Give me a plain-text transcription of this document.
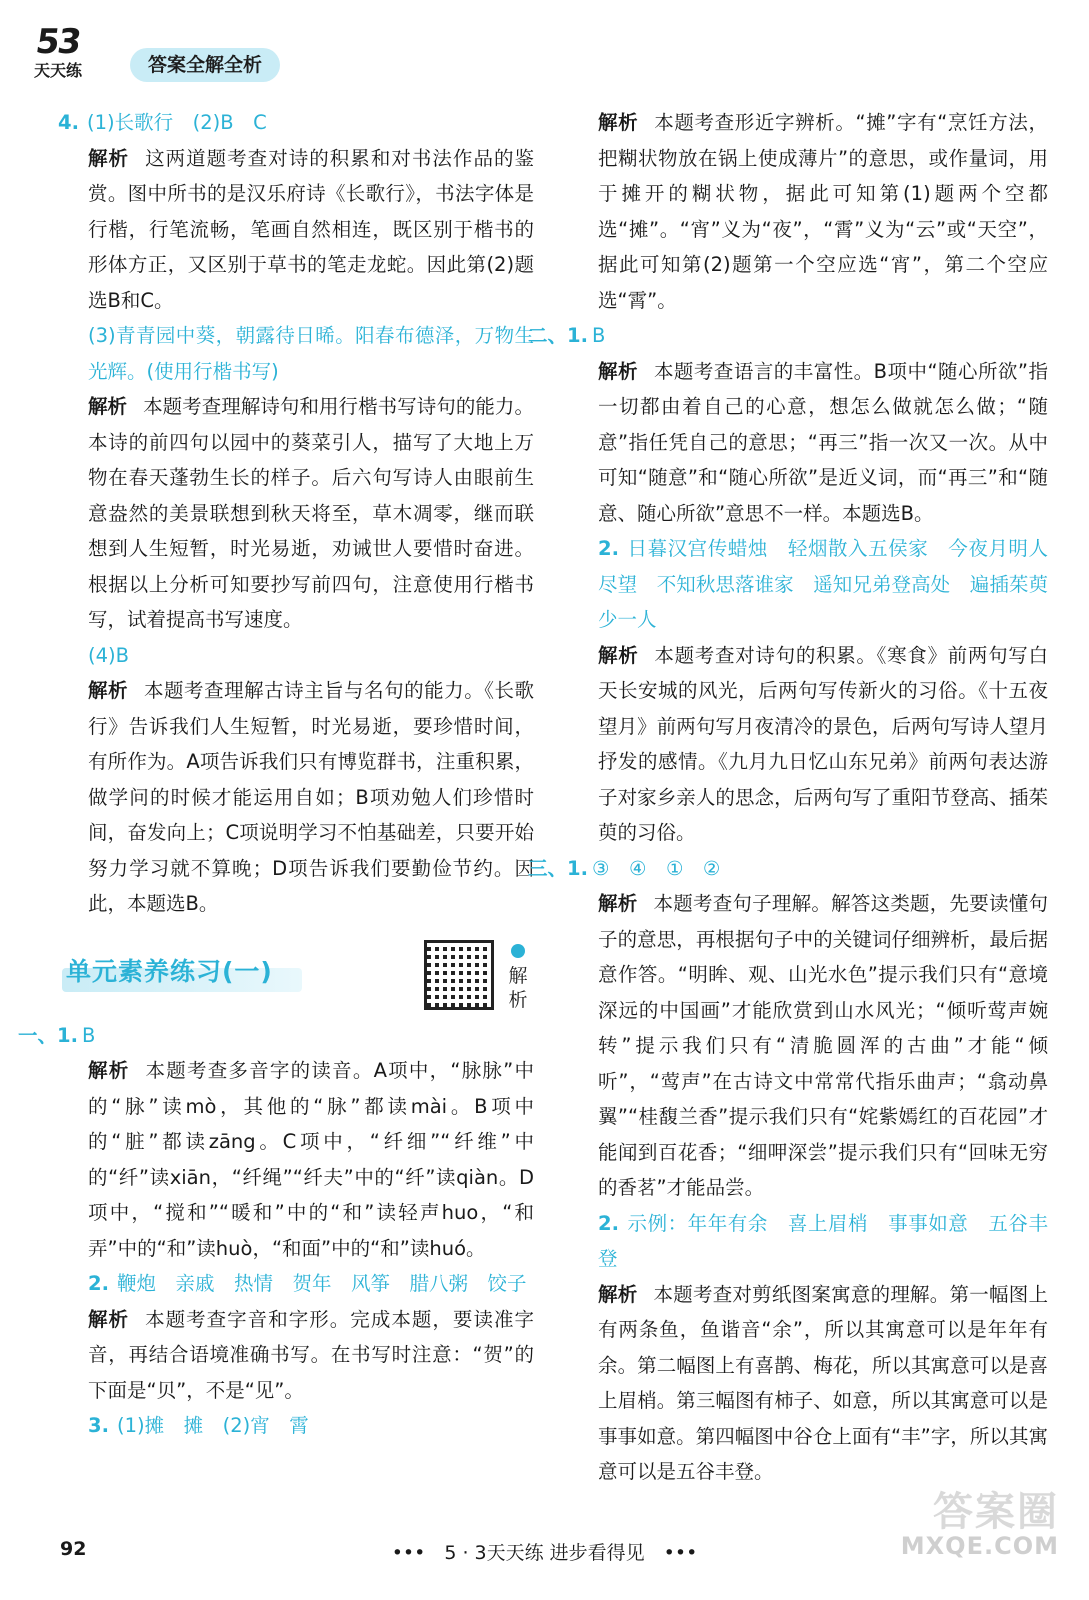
53
天天练	答案全解全析

4. (1)长歌行　(2)B　C

解析 这两道题考查对诗的积累和对书法作品的鉴赏。图中所书的是汉乐府诗《长歌行》，书法字体是行楷，行笔流畅，笔画自然相连，既区别于楷书的形体方正，又区别于草书的笔走龙蛇。因此第(2)题选B和C。

(3)青青园中葵，朝露待日晞。阳春布德泽，万物生光辉。(使用行楷书写)

解析 本题考查理解诗句和用行楷书写诗句的能力。本诗的前四句以园中的葵菜引人，描写了大地上万物在春天蓬勃生长的样子。后六句写诗人由眼前生意盎然的美景联想到秋天将至，草木凋零，继而联想到人生短暂，时光易逝，劝诫世人要惜时奋进。根据以上分析可知要抄写前四句，注意使用行楷书写，试着提高书写速度。

(4)B

解析 本题考查理解古诗主旨与名句的能力。《长歌行》告诉我们人生短暂，时光易逝，要珍惜时间，有所作为。A项告诉我们只有博览群书，注重积累，做学问的时候才能运用自如；B项劝勉人们珍惜时间，奋发向上；C项说明学习不怕基础差，只要开始努力学习就不算晚；D项告诉我们要勤俭节约。因此，本题选B。

单元素养练习(一)	解析

一、1. B

解析 本题考查多音字的读音。A项中，“脉脉”中的“脉”读mò，其他的“脉”都读mài。B项中的“脏”都读zāng。C项中，“纤细”“纤维”中的“纤”读xiān，“纤绳”“纤夫”中的“纤”读qiàn。D项中，“搅和”“暖和”中的“和”读轻声huo，“和弄”中的“和”读huò，“和面”中的“和”读huó。

2. 鞭炮　亲戚　热情　贺年　风筝　腊八粥　饺子

解析 本题考查字音和字形。完成本题，要读准字音，再结合语境准确书写。在书写时注意：“贺”的下面是“贝”，不是“见”。

3. (1)摊　摊　(2)宵　霄

解析 本题考查形近字辨析。“摊”字有“烹饪方法，把糊状物放在锅上使成薄片”的意思，或作量词，用于摊开的糊状物，据此可知第(1)题两个空都选“摊”。“宵”义为“夜”，“霄”义为“云”或“天空”，据此可知第(2)题第一个空应选“宵”，第二个空应选“霄”。

二、1. B

解析 本题考查语言的丰富性。B项中“随心所欲”指一切都由着自己的心意，想怎么做就怎么做；“随意”指任凭自己的意思；“再三”指一次又一次。从中可知“随意”和“随心所欲”是近义词，而“再三”和“随意、随心所欲”意思不一样。本题选B。

2. 日暮汉宫传蜡烛　轻烟散入五侯家　今夜月明人尽望　不知秋思落谁家　遥知兄弟登高处　遍插茱萸少一人

解析 本题考查对诗句的积累。《寒食》前两句写白天长安城的风光，后两句写传新火的习俗。《十五夜望月》前两句写月夜清冷的景色，后两句写诗人望月抒发的感情。《九月九日忆山东兄弟》前两句表达游子对家乡亲人的思念，后两句写了重阳节登高、插茱萸的习俗。

三、1. ③　④　①　②

解析 本题考查句子理解。解答这类题，先要读懂句子的意思，再根据句子中的关键词仔细辨析，最后据意作答。“明眸、观、山光水色”提示我们只有“意境深远的中国画”才能欣赏到山水风光；“倾听莺声婉转”提示我们只有“清脆圆浑的古曲”才能“倾听”，“莺声”在古诗文中常常代指乐曲声；“翕动鼻翼”“桂馥兰香”提示我们只有“姹紫嫣红的百花园”才能闻到百花香；“细呷深尝”提示我们只有“回味无穷的香茗”才能品尝。

2. 示例：年年有余　喜上眉梢　事事如意　五谷丰登

解析 本题考查对剪纸图案寓意的理解。第一幅图上有两条鱼，鱼谐音“余”，所以其寓意可以是年年有余。第二幅图上有喜鹊、梅花，所以其寓意可以是喜上眉梢。第三幅图有柿子、如意，所以其寓意可以是事事如意。第四幅图中谷仓上面有“丰”字，所以其寓意可以是五谷丰登。

答案圈
MXQE.COM
92	•••　5 · 3天天练 进步看得见　•••
